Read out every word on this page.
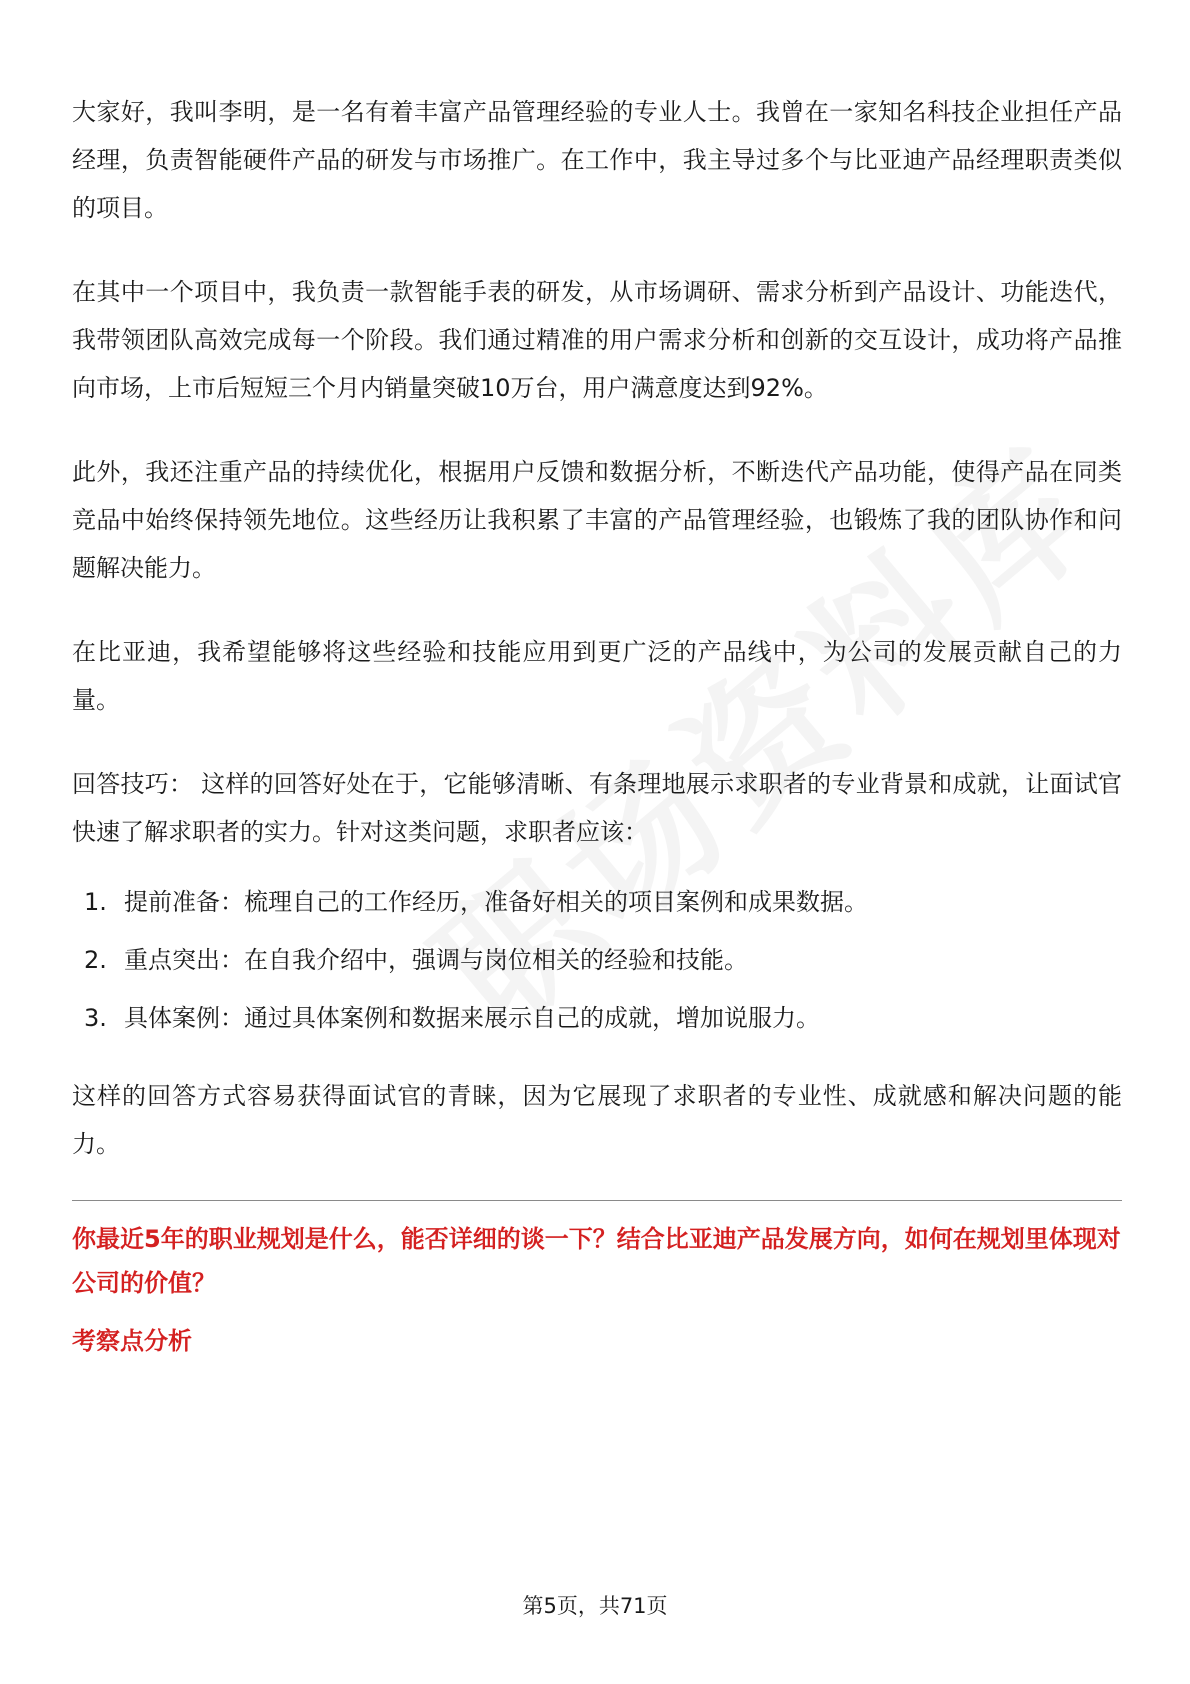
大家好，我叫李明，是一名有着丰富产品管理经验的专业人士。我曾在一家知名科技企业担任产品经理，负责智能硬件产品的研发与市场推广。在工作中，我主导过多个与比亚迪产品经理职责类似的项目。

在其中一个项目中，我负责一款智能手表的研发，从市场调研、需求分析到产品设计、功能迭代，我带领团队高效完成每一个阶段。我们通过精准的用户需求分析和创新的交互设计，成功将产品推向市场，上市后短短三个月内销量突破10万台，用户满意度达到92%。

此外，我还注重产品的持续优化，根据用户反馈和数据分析，不断迭代产品功能，使得产品在同类竞品中始终保持领先地位。这些经历让我积累了丰富的产品管理经验，也锻炼了我的团队协作和问题解决能力。

在比亚迪，我希望能够将这些经验和技能应用到更广泛的产品线中，为公司的发展贡献自己的力量。

回答技巧： 这样的回答好处在于，它能够清晰、有条理地展示求职者的专业背景和成就，让面试官快速了解求职者的实力。针对这类问题，求职者应该：

1. 提前准备：梳理自己的工作经历，准备好相关的项目案例和成果数据。
2. 重点突出：在自我介绍中，强调与岗位相关的经验和技能。
3. 具体案例：通过具体案例和数据来展示自己的成就，增加说服力。

这样的回答方式容易获得面试官的青睐，因为它展现了求职者的专业性、成就感和解决问题的能力。

你最近5年的职业规划是什么，能否详细的谈一下？结合比亚迪产品发展方向，如何在规划里体现对公司的价值？
考察点分析
第5页，共71页
